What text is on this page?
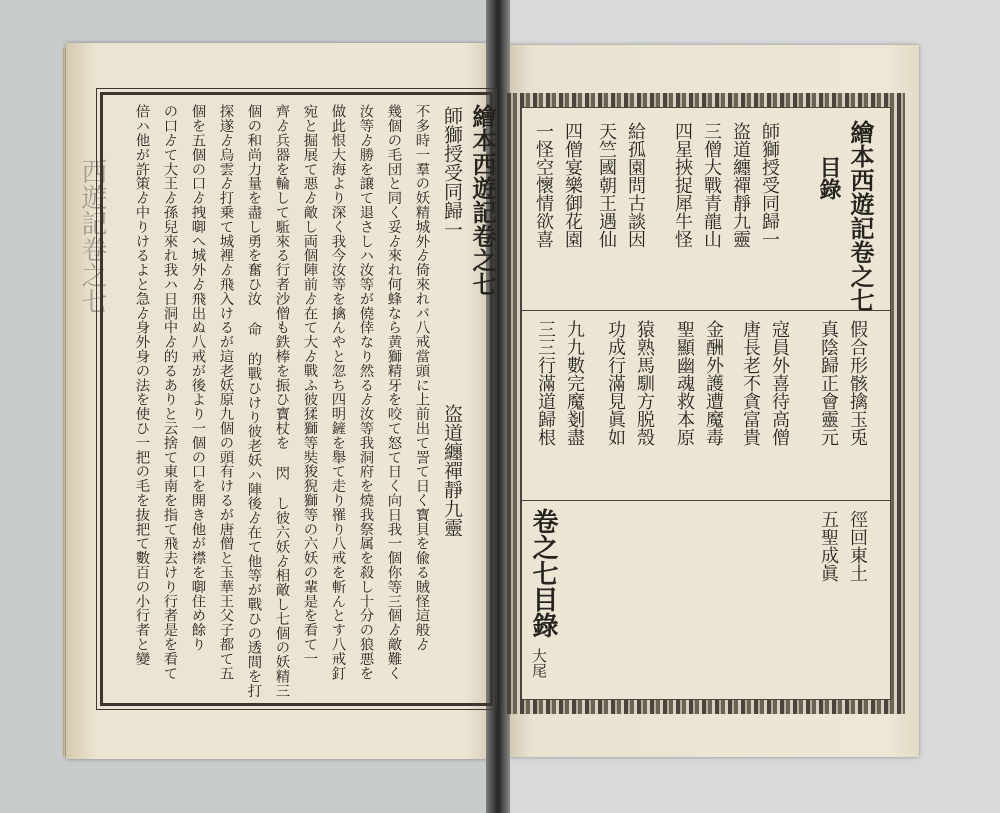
西遊記卷之七	繪本西遊記卷之七
師獅授受同歸一
盗道纏禪靜九靈
不多時一羣の妖精城外ゟ倚來れバ八戒當頭に上前出て詈て日く寳貝を偸る賊怪這般ゟ
幾個の毛団と同く妥ゟ來れ何蜂なら黄獅精牙を咬て怒て日く向日我一個你等三個ゟ敵難く
汝等ゟ勝を譲て退さしハ汝等が僥倖なり然るゟ汝等我洞府を燒我祭属を殺し十分の狼悪を
做此恨大海より深く我今汝等を擒んやと忽ち四明鏟を舉て走り罹り八戒を斬んとす八戒釘
宛と掘展て悪ゟ敵し両個陣前ゟ在て大ゟ戰ふ彼猱獅等奘狻猊獅等の六妖の輩是を看て一
齊ゟ兵器を輪して駈來る行者沙僧も鉄棒を振ひ寳杖を 閃 し彼六妖ゟ相敵し七個の妖精三
個の和尚力量を盡し勇を奮ひ汝 命 的戰ひけり彼老妖ハ陣後ゟ在て他等が戰ひの透間を打
探遂ゟ烏雲ゟ打乗て城裡ゟ飛入けるが這老妖原九個の頭有けるが唐僧と玉華王父子都て五
個を五個の口ゟ拽啣へ城外ゟ飛出ぬ八戒が後より一個の口を開き他が襟を啣住め餘り
の口ゟて大王ゟ孫兒來れ我ハ日洞中ゟ的るありと云捨て東南を指て飛去けり行者是を看て
倍ハ他が許策ゟ中りけるよと急ゟ身外身の法を使ひ一把の毛を抜把て數百の小行者と變	繪本西遊記卷之七
目錄
師獅授受同歸一
盗道纏禪靜九靈
三僧大戰青龍山
四星挾捉犀牛怪
給孤園問古談因
天竺國朝王遇仙
四僧宴樂御花園
一怪空懷情欲喜
假合形骸擒玉兎
真陰歸正會靈元
寇員外喜待高僧
唐長老不貪富貴
金酬外護遭魔毒
聖顯幽魂救本原
猿熟馬馴方脱殼
功成行滿見眞如
九九數完魔剗盡
三三行滿道歸根
徑回東土
五聖成眞
卷之七目錄
大尾
